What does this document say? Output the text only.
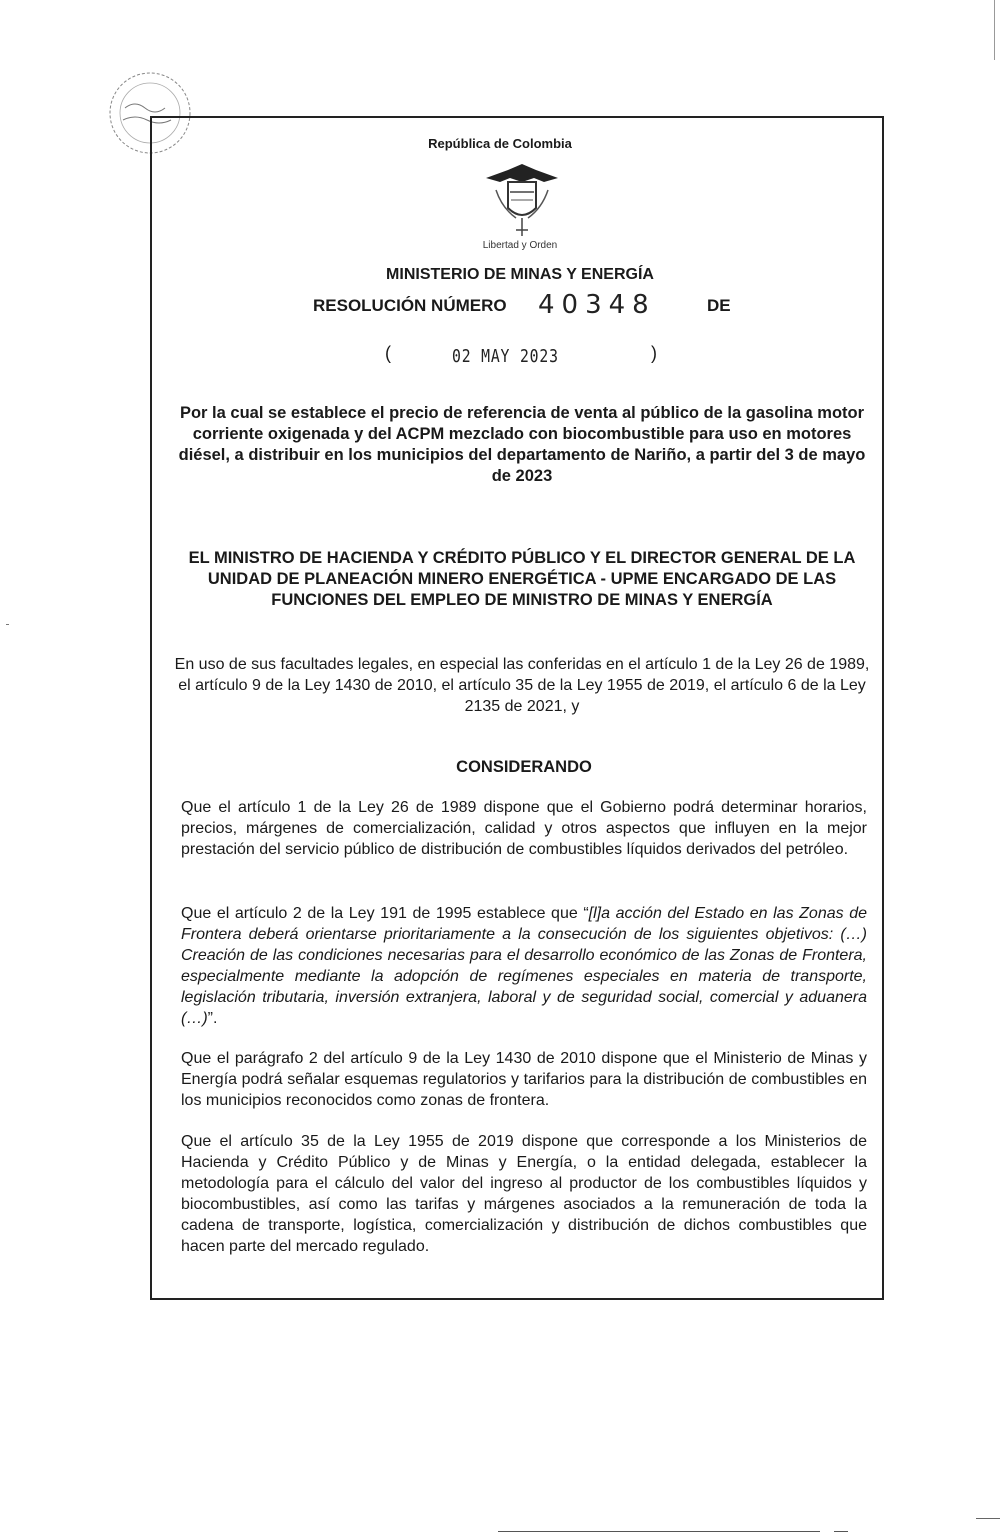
República de Colombia
Libertad y Orden
MINISTERIO DE MINAS Y ENERGÍA
RESOLUCIÓN NÚMERO 40348	DE
(	02 MAY 2023	)
Por la cual se establece el precio de referencia de venta al público de la gasolina motor corriente oxigenada y del ACPM mezclado con biocombustible para uso en motores diésel, a distribuir en los municipios del departamento de Nariño, a partir del 3 de mayo de 2023
EL MINISTRO DE HACIENDA Y CRÉDITO PÚBLICO Y EL DIRECTOR GENERAL DE LA UNIDAD DE PLANEACIÓN MINERO ENERGÉTICA - UPME ENCARGADO DE LAS FUNCIONES DEL EMPLEO DE MINISTRO DE MINAS Y ENERGÍA
En uso de sus facultades legales, en especial las conferidas en el artículo 1 de la Ley 26 de 1989, el artículo 9 de la Ley 1430 de 2010, el artículo 35 de la Ley 1955 de 2019, el artículo 6 de la Ley 2135 de 2021, y
CONSIDERANDO
Que el artículo 1 de la Ley 26 de 1989 dispone que el Gobierno podrá determinar horarios, precios, márgenes de comercialización, calidad y otros aspectos que influyen en la mejor prestación del servicio público de distribución de combustibles líquidos derivados del petróleo.
Que el artículo 2 de la Ley 191 de 1995 establece que “[l]a acción del Estado en las Zonas de Frontera deberá orientarse prioritariamente a la consecución de los siguientes objetivos: (…) Creación de las condiciones necesarias para el desarrollo económico de las Zonas de Frontera, especialmente mediante la adopción de regímenes especiales en materia de transporte, legislación tributaria, inversión extranjera, laboral y de seguridad social, comercial y aduanera (…)”.
Que el parágrafo 2 del artículo 9 de la Ley 1430 de 2010 dispone que el Ministerio de Minas y Energía podrá señalar esquemas regulatorios y tarifarios para la distribución de combustibles en los municipios reconocidos como zonas de frontera.
Que el artículo 35 de la Ley 1955 de 2019 dispone que corresponde a los Ministerios de Hacienda y Crédito Público y de Minas y Energía, o la entidad delegada, establecer la metodología para el cálculo del valor del ingreso al productor de los combustibles líquidos y biocombustibles, así como las tarifas y márgenes asociados a la remuneración de toda la cadena de transporte, logística, comercialización y distribución de dichos combustibles que hacen parte del mercado regulado.
